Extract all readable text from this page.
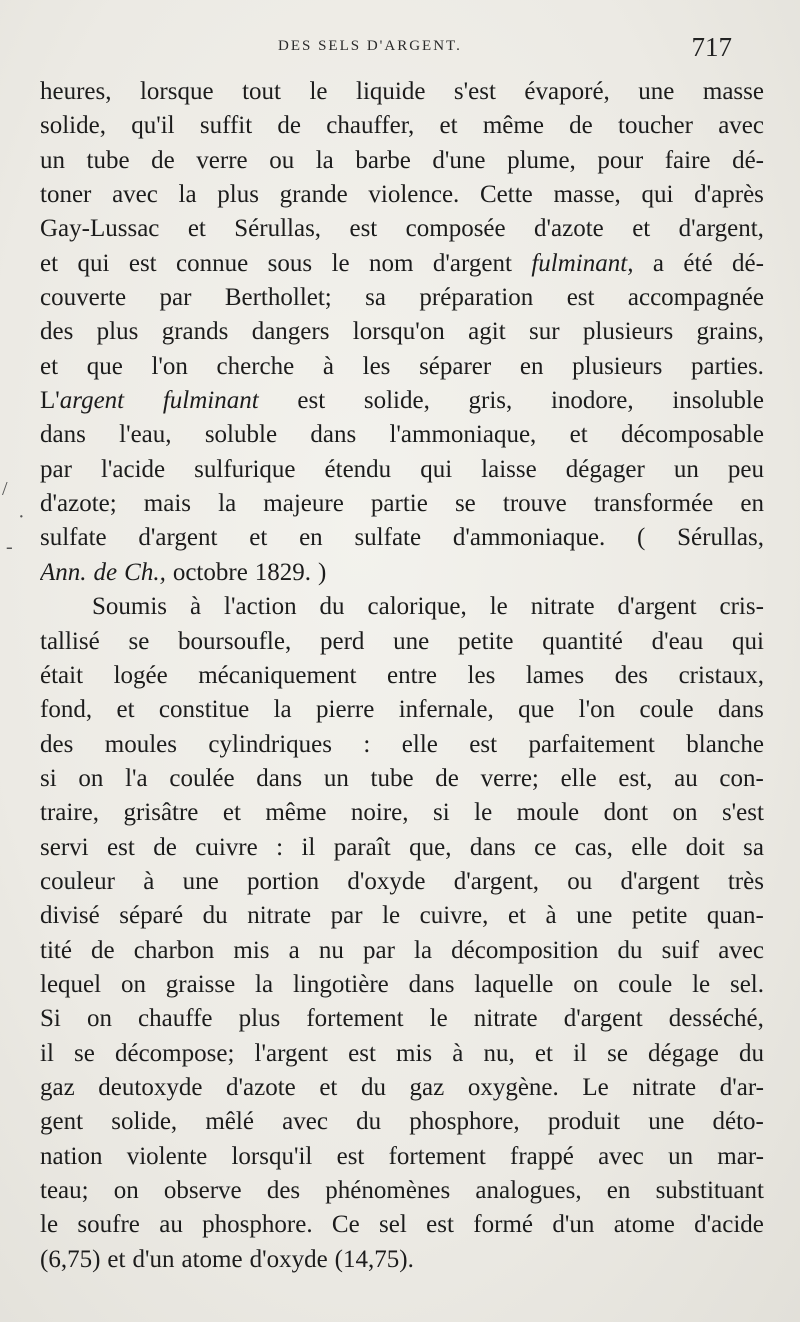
DES SELS D'ARGENT.	717
heures, lorsque tout le liquide s'est évaporé, une masse
solide, qu'il suffit de chauffer, et même de toucher avec
un tube de verre ou la barbe d'une plume, pour faire dé-
toner avec la plus grande violence. Cette masse, qui d'après
Gay-Lussac et Sérullas, est composée d'azote et d'argent,
et qui est connue sous le nom d'argent fulminant, a été dé-
couverte par Berthollet; sa préparation est accompagnée
des plus grands dangers lorsqu'on agit sur plusieurs grains,
et que l'on cherche à les séparer en plusieurs parties.
L'argent fulminant est solide, gris, inodore, insoluble
dans l'eau, soluble dans l'ammoniaque, et décomposable
par l'acide sulfurique étendu qui laisse dégager un peu
d'azote; mais la majeure partie se trouve transformée en
sulfate d'argent et en sulfate d'ammoniaque. ( Sérullas,
Ann. de Ch., octobre 1829. )
Soumis à l'action du calorique, le nitrate d'argent cris-
tallisé se boursoufle, perd une petite quantité d'eau qui
était logée mécaniquement entre les lames des cristaux,
fond, et constitue la pierre infernale, que l'on coule dans
des moules cylindriques : elle est parfaitement blanche
si on l'a coulée dans un tube de verre; elle est, au con-
traire, grisâtre et même noire, si le moule dont on s'est
servi est de cuivre : il paraît que, dans ce cas, elle doit sa
couleur à une portion d'oxyde d'argent, ou d'argent très
divisé séparé du nitrate par le cuivre, et à une petite quan-
tité de charbon mis a nu par la décomposition du suif avec
lequel on graisse la lingotière dans laquelle on coule le sel.
Si on chauffe plus fortement le nitrate d'argent desséché,
il se décompose; l'argent est mis à nu, et il se dégage du
gaz deutoxyde d'azote et du gaz oxygène. Le nitrate d'ar-
gent solide, mêlé avec du phosphore, produit une déto-
nation violente lorsqu'il est fortement frappé avec un mar-
teau; on observe des phénomènes analogues, en substituant
le soufre au phosphore. Ce sel est formé d'un atome d'acide
(6,75) et d'un atome d'oxyde (14,75).
/
·
-
